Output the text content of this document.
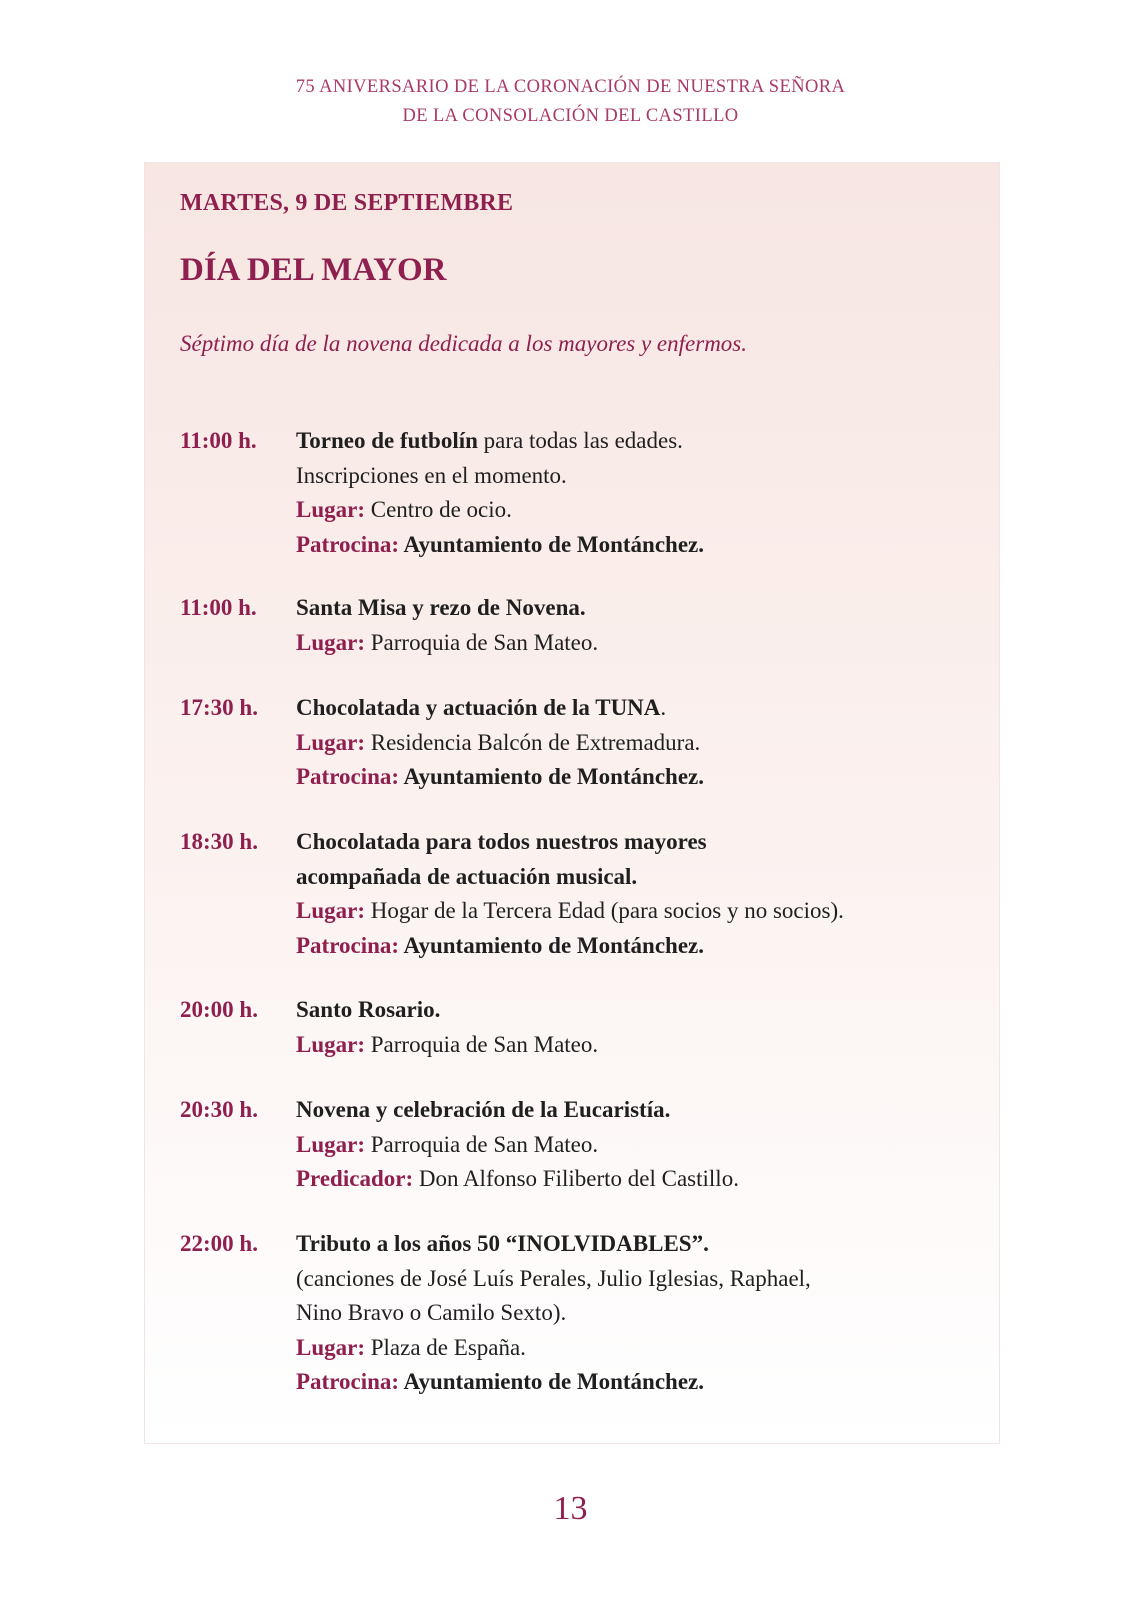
75 ANIVERSARIO DE LA CORONACIÓN DE NUESTRA SEÑORA
DE LA CONSOLACIÓN DEL CASTILLO
MARTES, 9 DE SEPTIEMBRE
DÍA DEL MAYOR
Séptimo día de la novena dedicada a los mayores y enfermos.
11:00 h. Torneo de futbolín para todas las edades.
Inscripciones en el momento.
Lugar: Centro de ocio.
Patrocina: Ayuntamiento de Montánchez.
11:00 h. Santa Misa y rezo de Novena.
Lugar: Parroquia de San Mateo.
17:30 h. Chocolatada y actuación de la TUNA.
Lugar: Residencia Balcón de Extremadura.
Patrocina: Ayuntamiento de Montánchez.
18:30 h. Chocolatada para todos nuestros mayores
acompañada de actuación musical.
Lugar: Hogar de la Tercera Edad (para socios y no socios).
Patrocina: Ayuntamiento de Montánchez.
20:00 h. Santo Rosario.
Lugar: Parroquia de San Mateo.
20:30 h. Novena y celebración de la Eucaristía.
Lugar: Parroquia de San Mateo.
Predicador: Don Alfonso Filiberto del Castillo.
22:00 h. Tributo a los años 50 “INOLVIDABLES”.
(canciones de José Luís Perales, Julio Iglesias, Raphael,
Nino Bravo o Camilo Sexto).
Lugar: Plaza de España.
Patrocina: Ayuntamiento de Montánchez.
13
